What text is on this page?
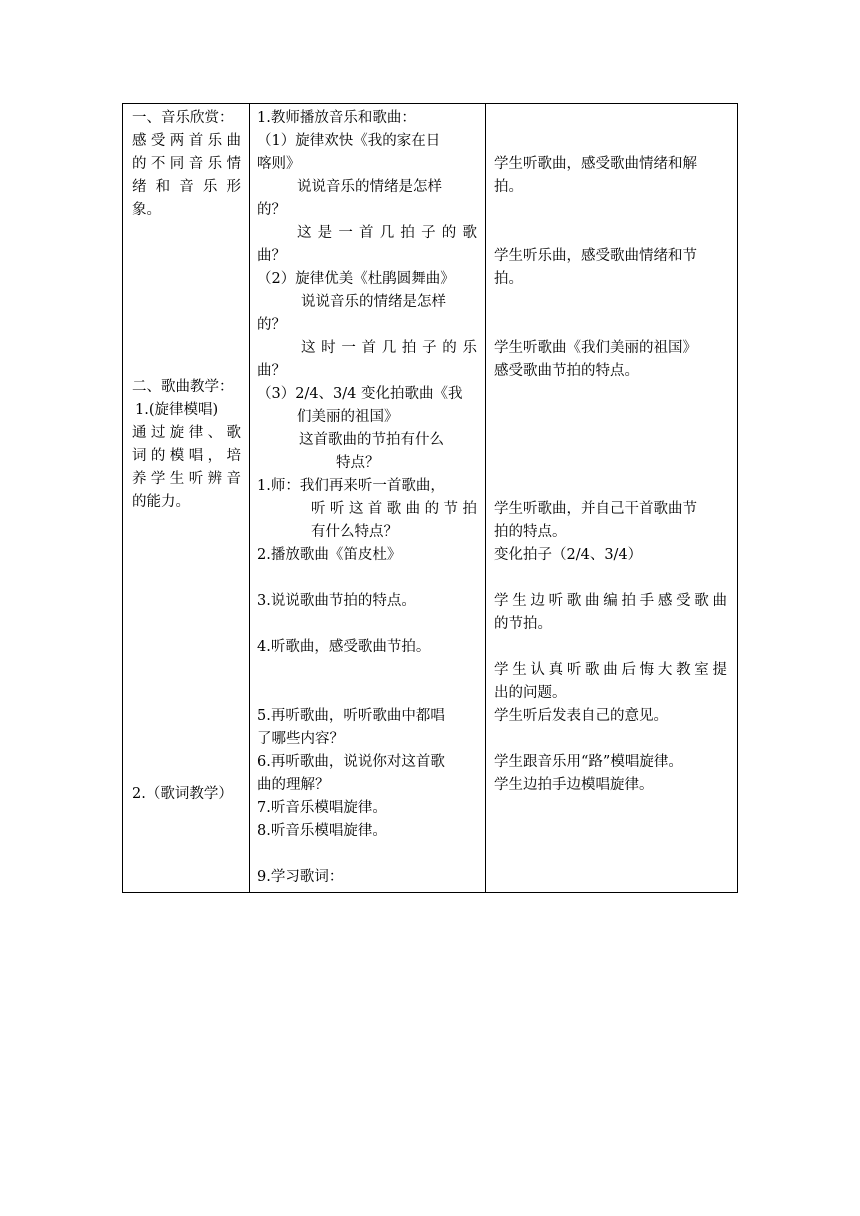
一、音乐欣赏：
感受两首乐曲
的不同音乐情
绪和音乐形
象。
二、歌曲教学：
1.(旋律模唱)
通过旋律、歌
词的模唱，培
养学生听辨音
的能力。
2.（歌词教学）
1.教师播放音乐和歌曲：
（1）旋律欢快《我的家在日
喀则》
说说音乐的情绪是怎样
的？
这是一首几拍子的歌
曲？
（2）旋律优美《杜鹃圆舞曲》
说说音乐的情绪是怎样
的？
这时一首几拍子的乐
曲？
（3）2/4、3/4 变化拍歌曲《我
们美丽的祖国》
这首歌曲的节拍有什么
特点？
1.师：我们再来听一首歌曲，
听听这首歌曲的节拍
有什么特点？
2.播放歌曲《笛皮杜》
3.说说歌曲节拍的特点。
4.听歌曲，感受歌曲节拍。
5.再听歌曲，听听歌曲中都唱
了哪些内容？
6.再听歌曲，说说你对这首歌
曲的理解？
7.听音乐模唱旋律。
8.听音乐模唱旋律。
9.学习歌词：
学生听歌曲，感受歌曲情绪和解
拍。
学生听乐曲，感受歌曲情绪和节
拍。
学生听歌曲《我们美丽的祖国》
感受歌曲节拍的特点。
学生听歌曲，并自己干首歌曲节
拍的特点。
变化拍子（2/4、3/4）
学生边听歌曲编拍手感受歌曲
的节拍。
学生认真听歌曲后悔大教室提
出的问题。
学生听后发表自己的意见。
学生跟音乐用“路”模唱旋律。
学生边拍手边模唱旋律。
